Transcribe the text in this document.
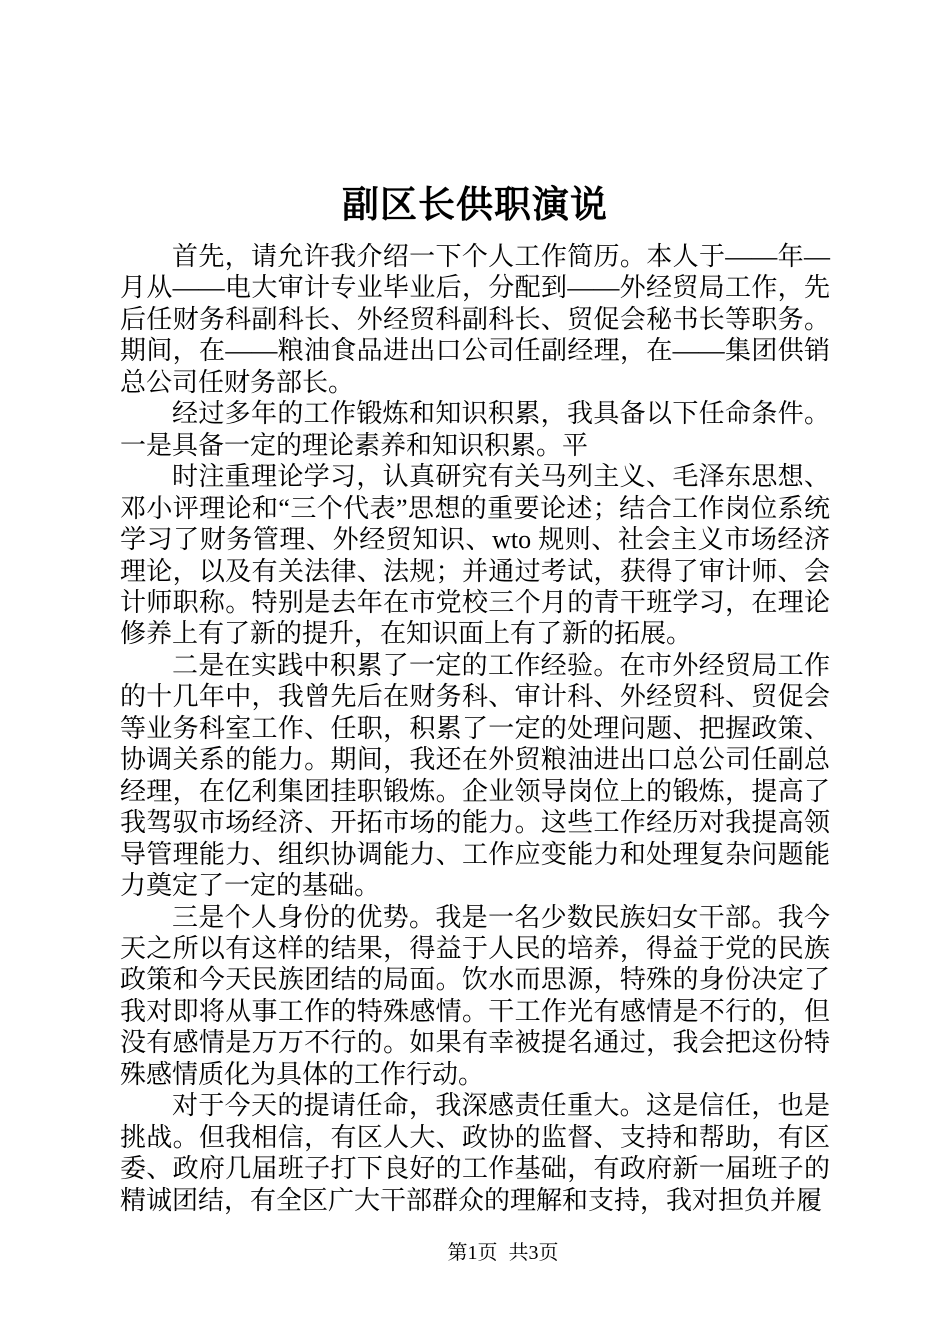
副区长供职演说

首先，请允许我介绍一下个人工作简历。本人于——年—月从——电大审计专业毕业后，分配到——外经贸局工作，先后任财务科副科长、外经贸科副科长、贸促会秘书长等职务。期间，在——粮油食品进出口公司任副经理，在——集团供销总公司任财务部长。

经过多年的工作锻炼和知识积累，我具备以下任命条件。一是具备一定的理论素养和知识积累。平

时注重理论学习，认真研究有关马列主义、毛泽东思想、邓小评理论和“三个代表”思想的重要论述；结合工作岗位系统学习了财务管理、外经贸知识、wto 规则、社会主义市场经济理论，以及有关法律、法规；并通过考试，获得了审计师、会计师职称。特别是去年在市党校三个月的青干班学习，在理论修养上有了新的提升，在知识面上有了新的拓展。

二是在实践中积累了一定的工作经验。在市外经贸局工作的十几年中，我曾先后在财务科、审计科、外经贸科、贸促会等业务科室工作、任职，积累了一定的处理问题、把握政策、协调关系的能力。期间，我还在外贸粮油进出口总公司任副总经理，在亿利集团挂职锻炼。企业领导岗位上的锻炼，提高了我驾驭市场经济、开拓市场的能力。这些工作经历对我提高领导管理能力、组织协调能力、工作应变能力和处理复杂问题能力奠定了一定的基础。

三是个人身份的优势。我是一名少数民族妇女干部。我今天之所以有这样的结果，得益于人民的培养，得益于党的民族政策和今天民族团结的局面。饮水而思源，特殊的身份决定了我对即将从事工作的特殊感情。干工作光有感情是不行的，但没有感情是万万不行的。如果有幸被提名通过，我会把这份特殊感情质化为具体的工作行动。

对于今天的提请任命，我深感责任重大。这是信任，也是挑战。但我相信，有区人大、政协的监督、支持和帮助，有区委、政府几届班子打下良好的工作基础，有政府新一届班子的精诚团结，有全区广大干部群众的理解和支持，我对担负并履

第1页 共3页
